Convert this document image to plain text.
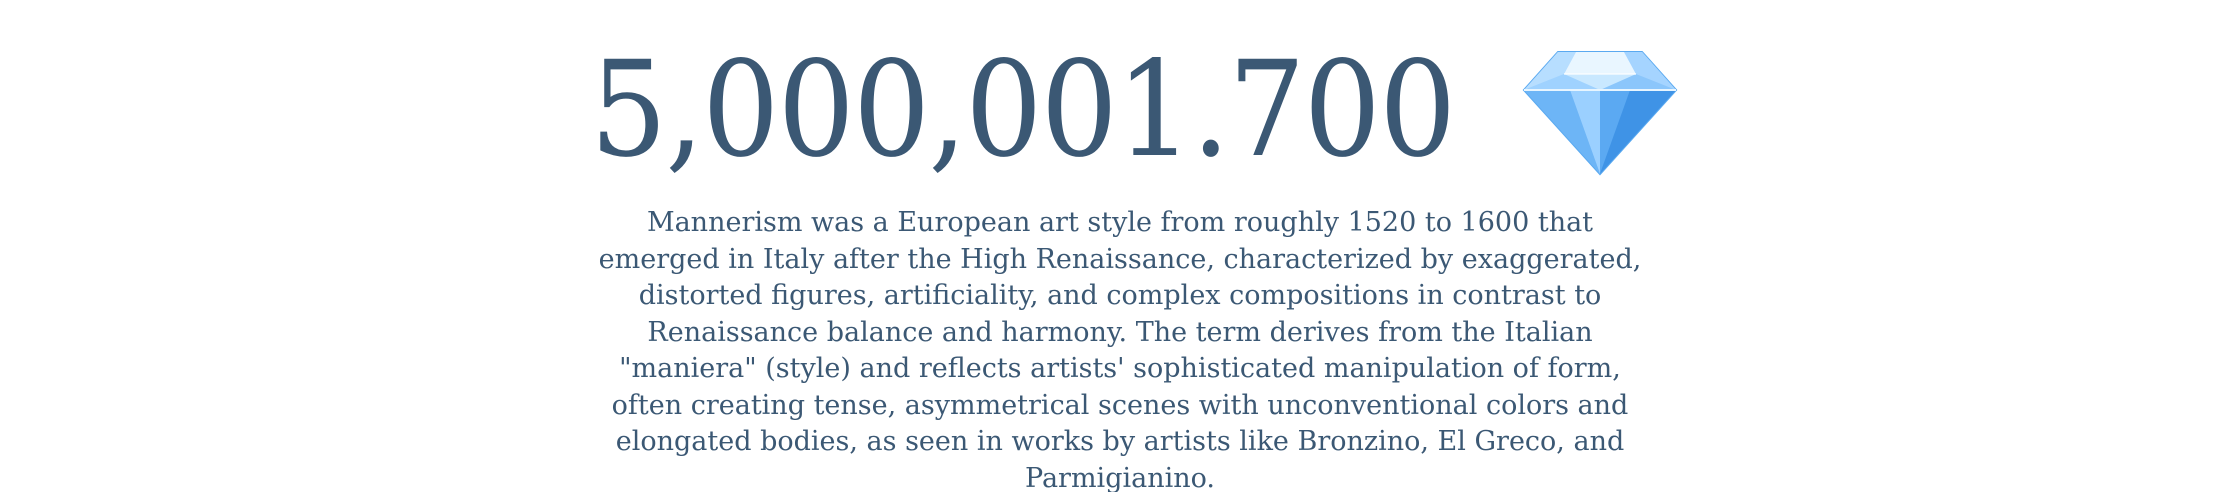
5,000,001.700
Mannerism was a European art style from roughly 1520 to 1600 that emerged in Italy after the High Renaissance, characterized by exaggerated, distorted figures, artificiality, and complex compositions in contrast to Renaissance balance and harmony. The term derives from the Italian "maniera" (style) and reflects artists' sophisticated manipulation of form, often creating tense, asymmetrical scenes with unconventional colors and elongated bodies, as seen in works by artists like Bronzino, El Greco, and Parmigianino.
